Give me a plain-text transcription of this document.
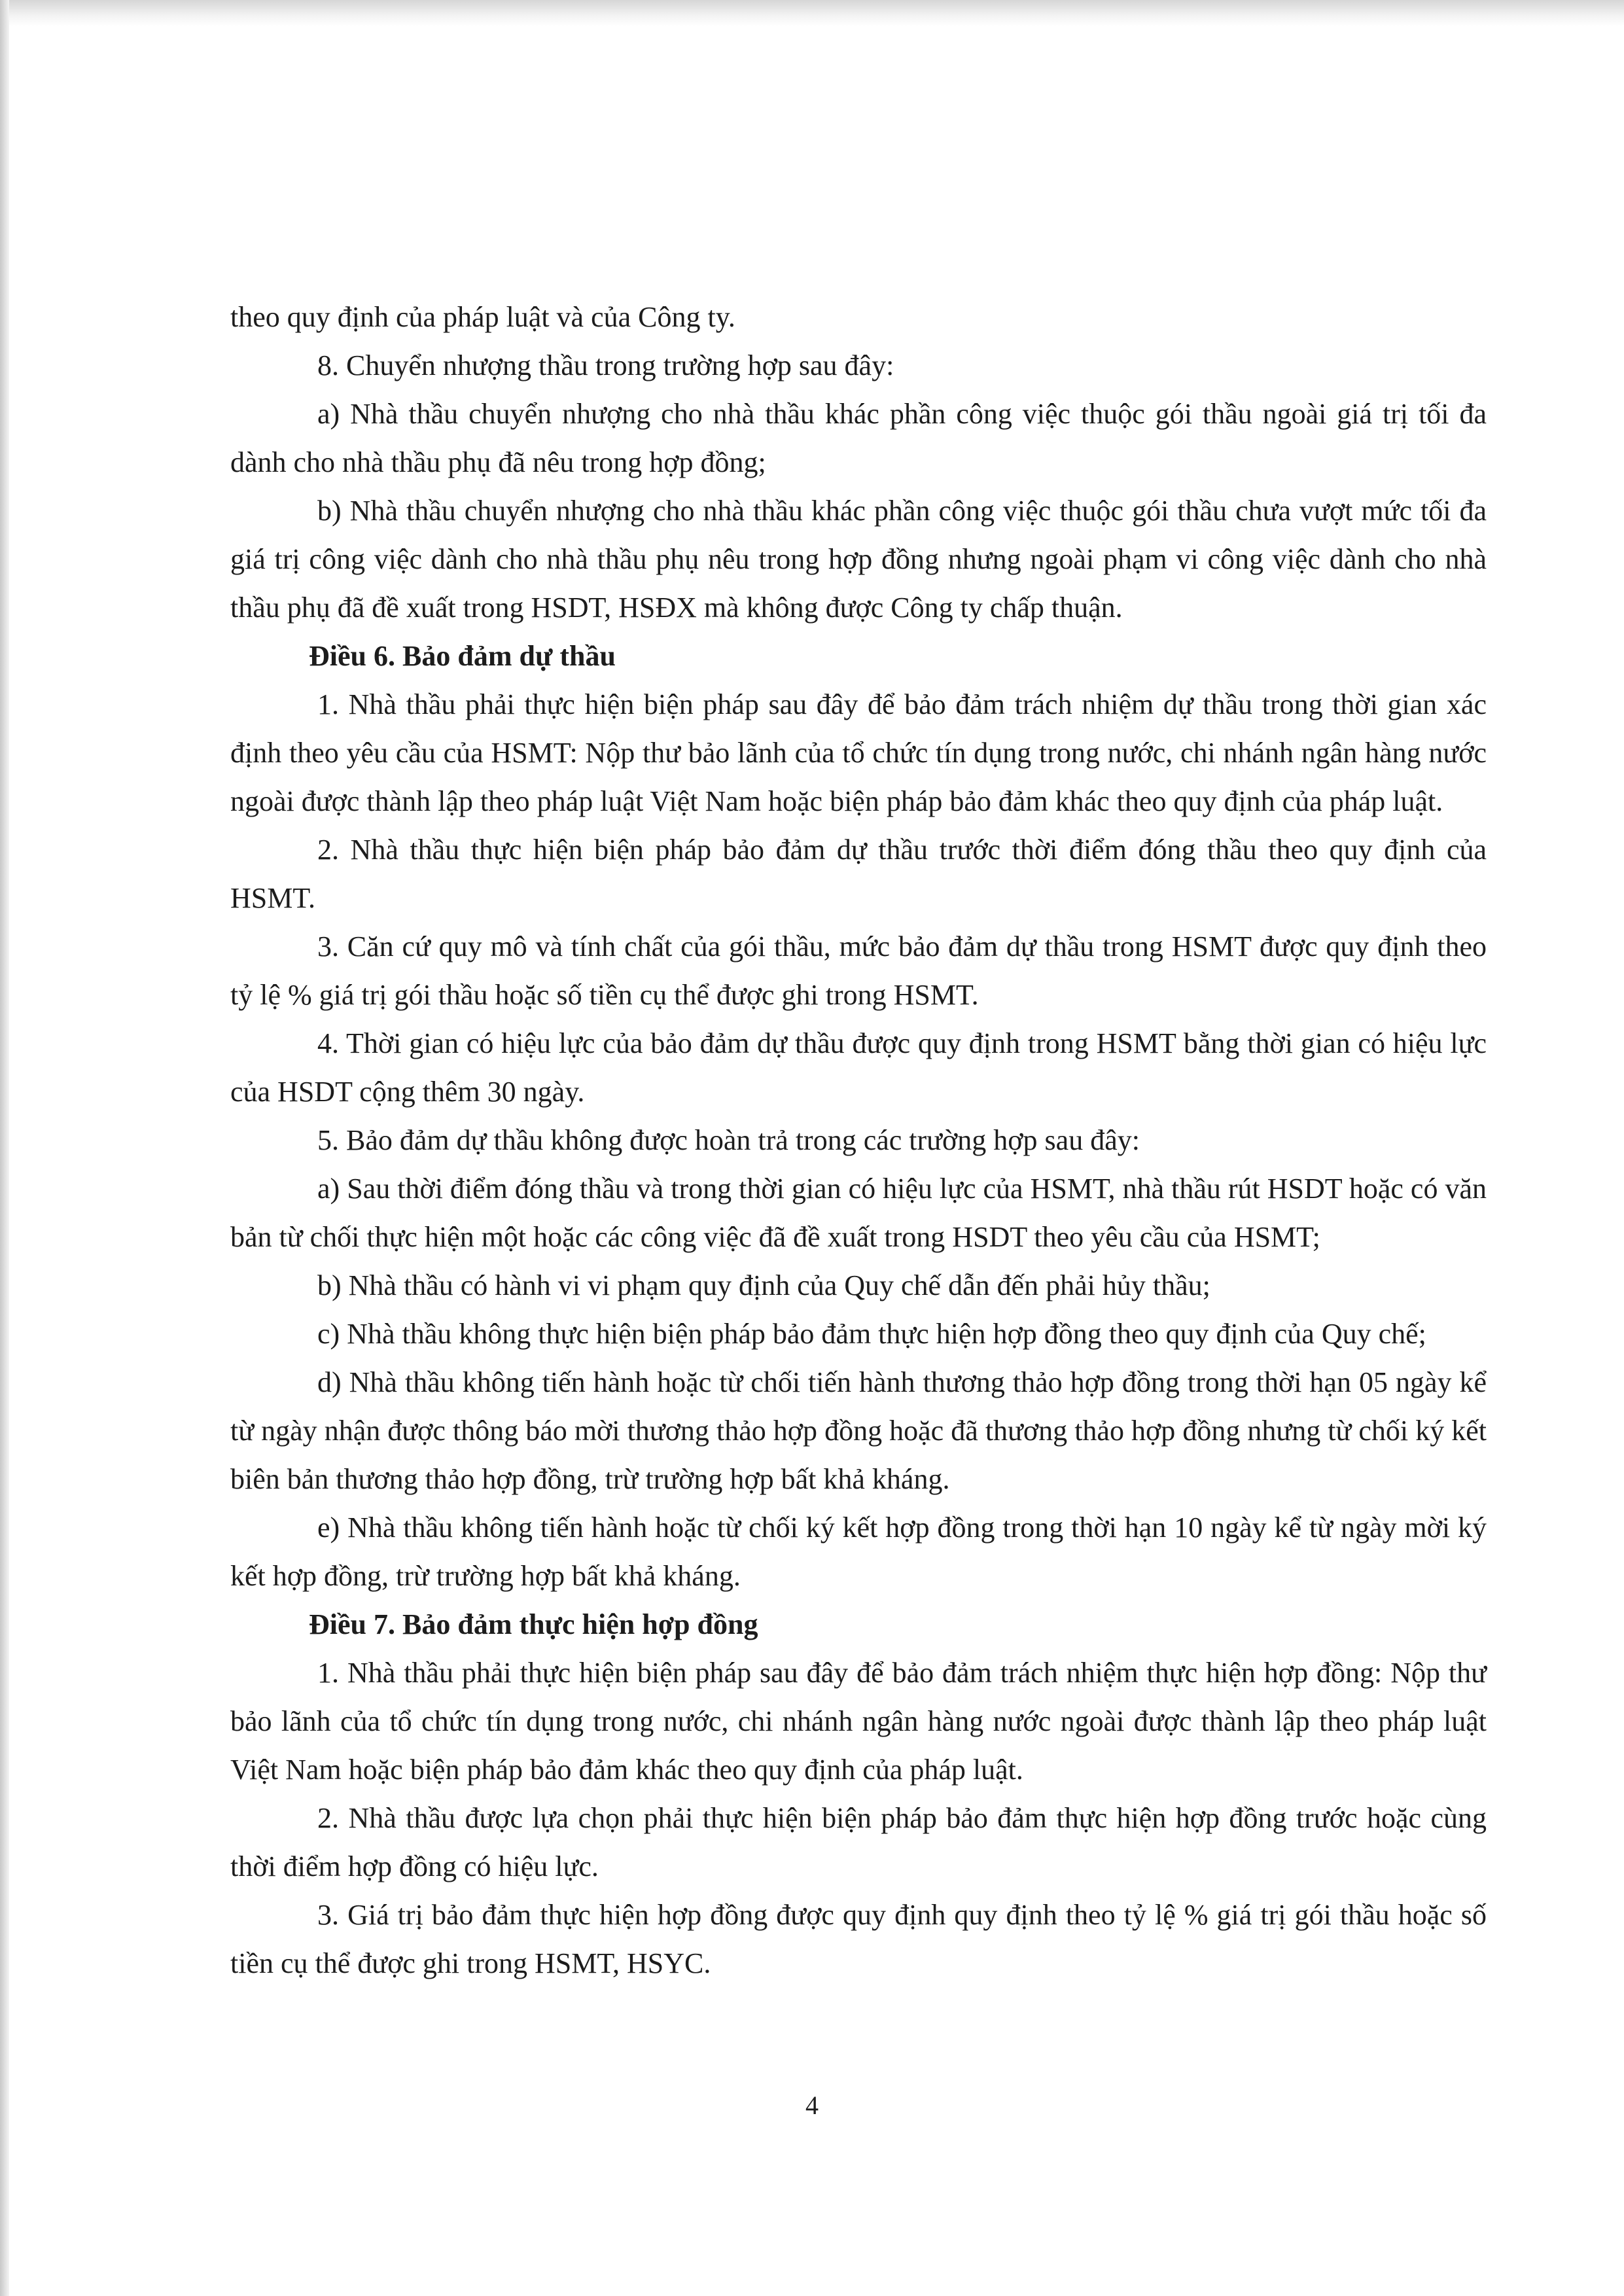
theo quy định của pháp luật và của Công ty.

8. Chuyển nhượng thầu trong trường hợp sau đây:

a) Nhà thầu chuyển nhượng cho nhà thầu khác phần công việc thuộc gói thầu ngoài giá trị tối đa dành cho nhà thầu phụ đã nêu trong hợp đồng;

b) Nhà thầu chuyển nhượng cho nhà thầu khác phần công việc thuộc gói thầu chưa vượt mức tối đa giá trị công việc dành cho nhà thầu phụ nêu trong hợp đồng nhưng ngoài phạm vi công việc dành cho nhà thầu phụ đã đề xuất trong HSDT, HSĐX mà không được Công ty chấp thuận.

Điều 6. Bảo đảm dự thầu

1. Nhà thầu phải thực hiện biện pháp sau đây để bảo đảm trách nhiệm dự thầu trong thời gian xác định theo yêu cầu của HSMT: Nộp thư bảo lãnh của tổ chức tín dụng trong nước, chi nhánh ngân hàng nước ngoài được thành lập theo pháp luật Việt Nam hoặc biện pháp bảo đảm khác theo quy định của pháp luật.

2. Nhà thầu thực hiện biện pháp bảo đảm dự thầu trước thời điểm đóng thầu theo quy định của HSMT.

3. Căn cứ quy mô và tính chất của gói thầu, mức bảo đảm dự thầu trong HSMT được quy định theo tỷ lệ % giá trị gói thầu hoặc số tiền cụ thể được ghi trong HSMT.

4. Thời gian có hiệu lực của bảo đảm dự thầu được quy định trong HSMT bằng thời gian có hiệu lực của HSDT cộng thêm 30 ngày.

5. Bảo đảm dự thầu không được hoàn trả trong các trường hợp sau đây:

a) Sau thời điểm đóng thầu và trong thời gian có hiệu lực của HSMT, nhà thầu rút HSDT hoặc có văn bản từ chối thực hiện một hoặc các công việc đã đề xuất trong HSDT theo yêu cầu của HSMT;

b) Nhà thầu có hành vi vi phạm quy định của Quy chế dẫn đến phải hủy thầu;

c) Nhà thầu không thực hiện biện pháp bảo đảm thực hiện hợp đồng theo quy định của Quy chế;

d) Nhà thầu không tiến hành hoặc từ chối tiến hành thương thảo hợp đồng trong thời hạn 05 ngày kể từ ngày nhận được thông báo mời thương thảo hợp đồng hoặc đã thương thảo hợp đồng nhưng từ chối ký kết biên bản thương thảo hợp đồng, trừ trường hợp bất khả kháng.

e) Nhà thầu không tiến hành hoặc từ chối ký kết hợp đồng trong thời hạn 10 ngày kể từ ngày mời ký kết hợp đồng, trừ trường hợp bất khả kháng.

Điều 7. Bảo đảm thực hiện hợp đồng

1. Nhà thầu phải thực hiện biện pháp sau đây để bảo đảm trách nhiệm thực hiện hợp đồng: Nộp thư bảo lãnh của tổ chức tín dụng trong nước, chi nhánh ngân hàng nước ngoài được thành lập theo pháp luật Việt Nam hoặc biện pháp bảo đảm khác theo quy định của pháp luật.

2. Nhà thầu được lựa chọn phải thực hiện biện pháp bảo đảm thực hiện hợp đồng trước hoặc cùng thời điểm hợp đồng có hiệu lực.

3. Giá trị bảo đảm thực hiện hợp đồng được quy định quy định theo tỷ lệ % giá trị gói thầu hoặc số tiền cụ thể được ghi trong HSMT, HSYC.

4
